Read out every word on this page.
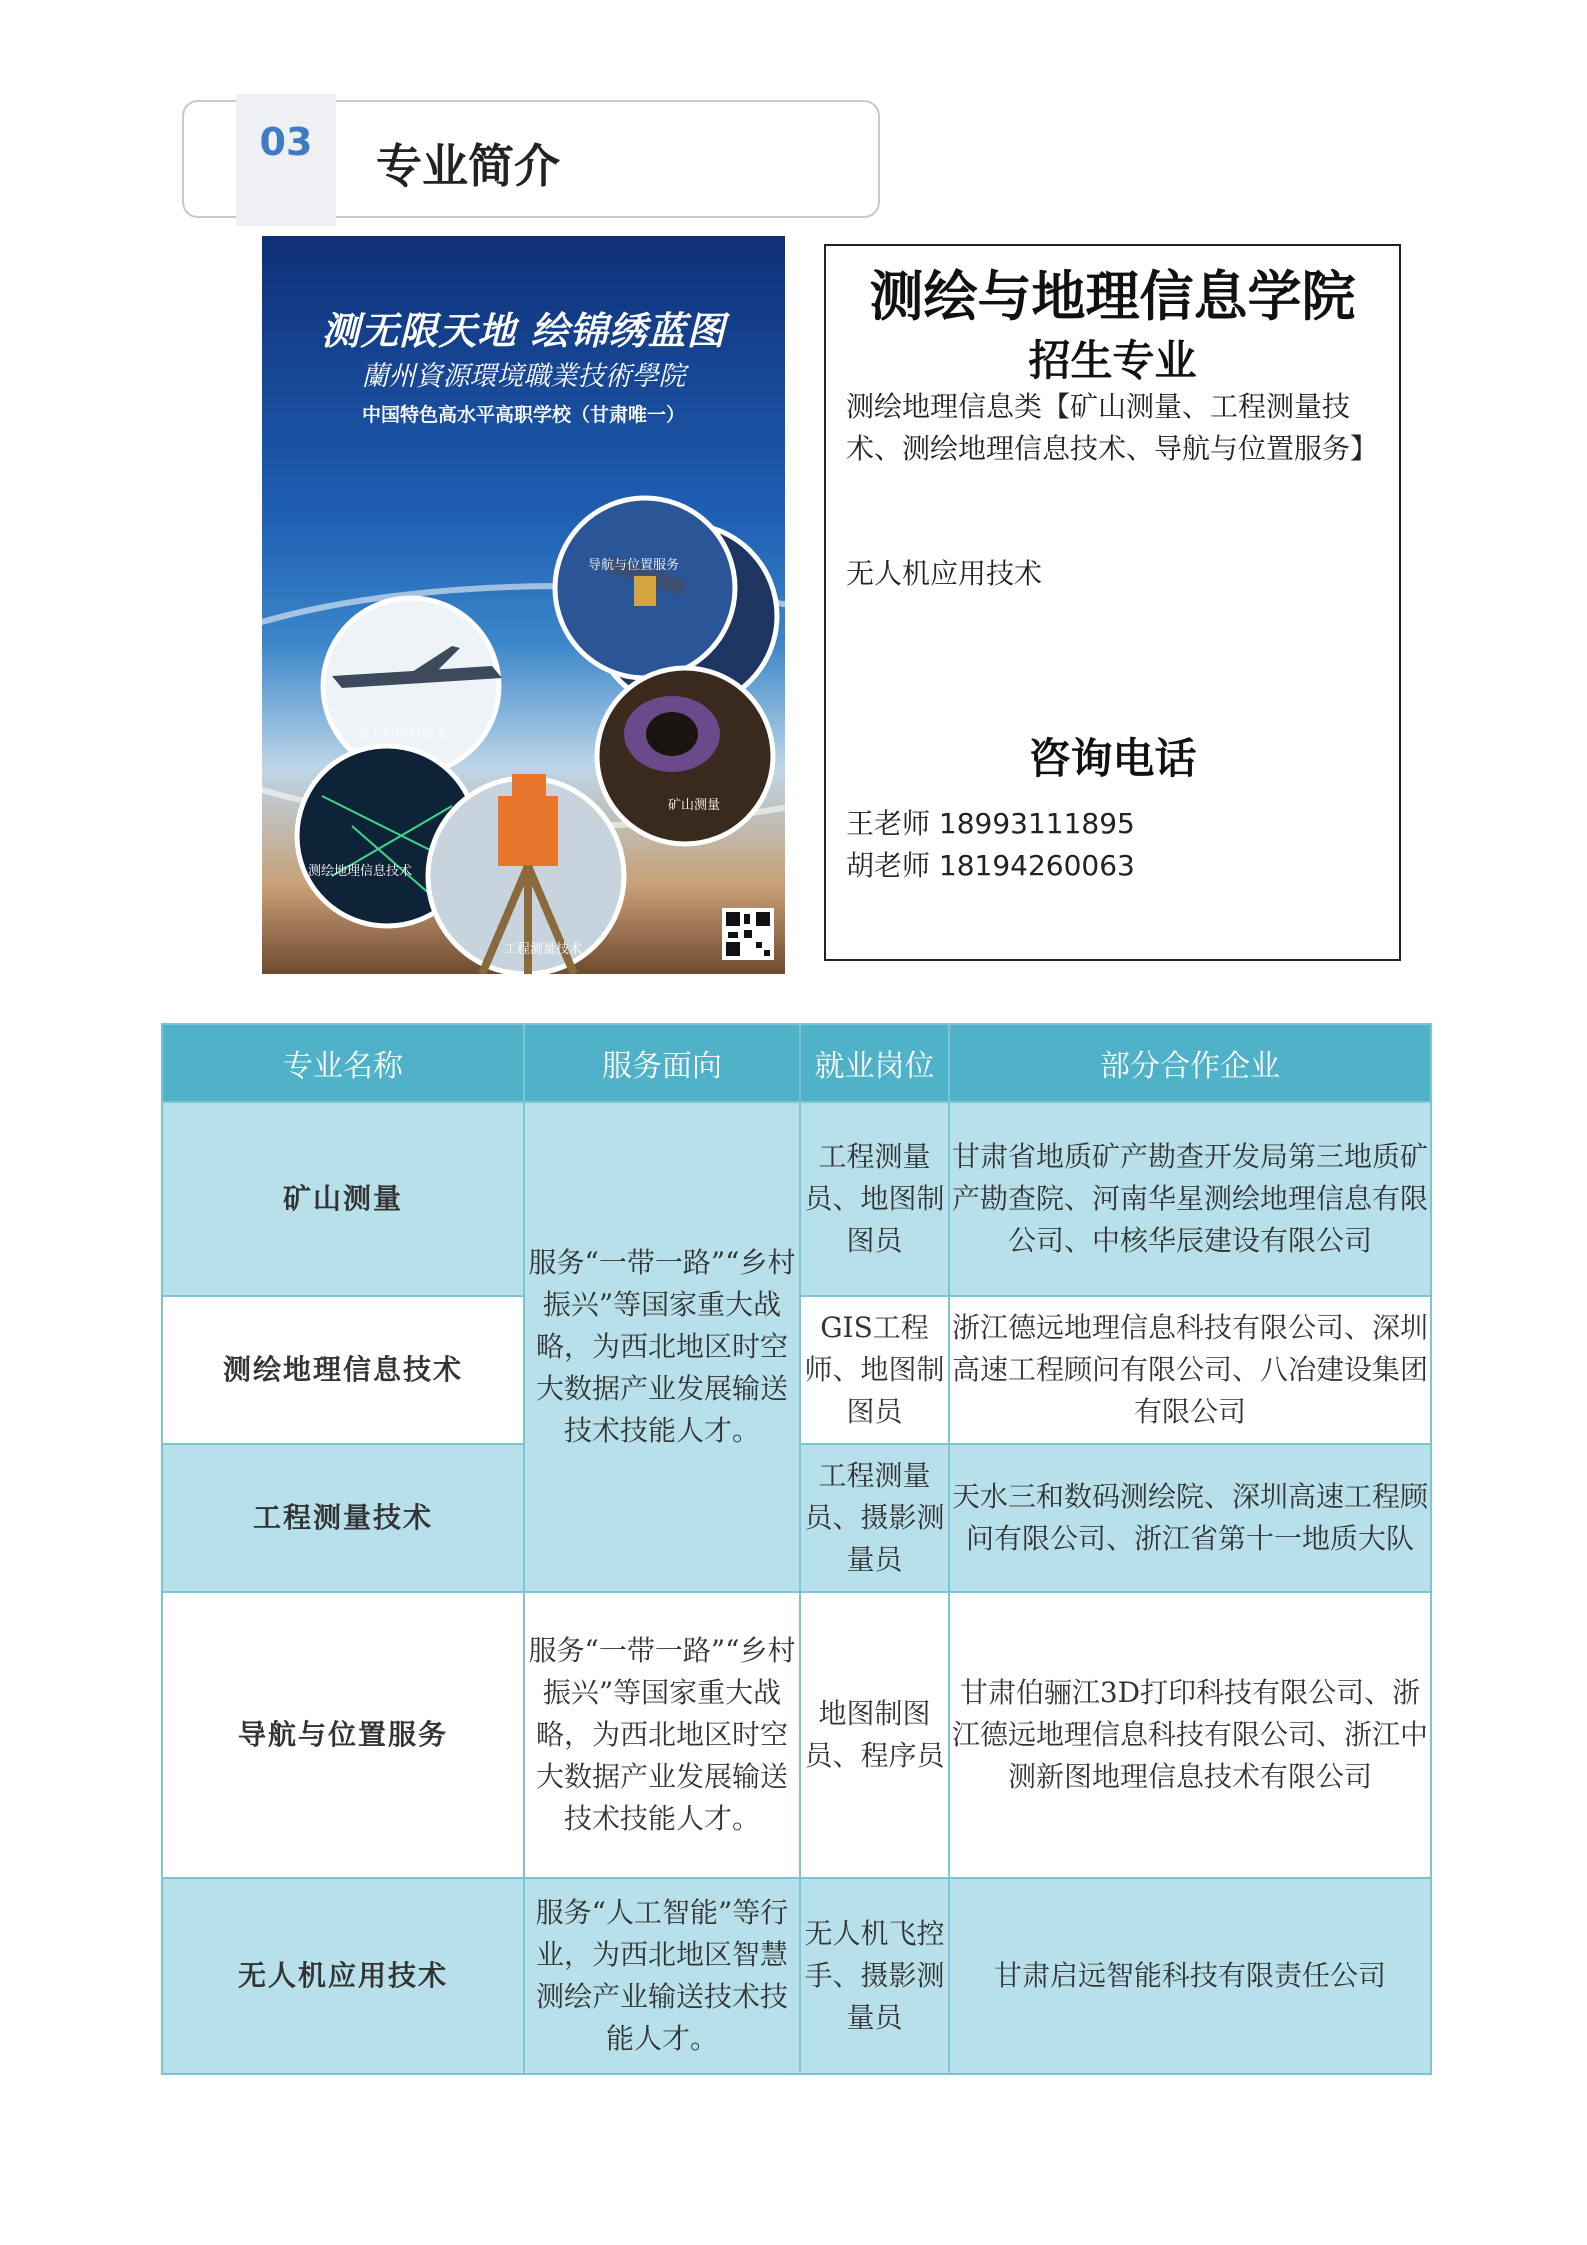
03	专业简介
测无限天地 绘锦绣蓝图
蘭州資源環境職業技術學院
中国特色高水平高职学校（甘肃唯一）
导航与位置服务
无人机应用技术
矿山测量
测绘地理信息技术
工程测量技术
测绘与地理信息学院
招生专业
测绘地理信息类【矿山测量、工程测量技术、测绘地理信息技术、导航与位置服务】
无人机应用技术
咨询电话
王老师 18993111895
胡老师 18194260063
专业名称	服务面向	就业岗位	部分合作企业
矿山测量	服务“一带一路”“乡村振兴”等国家重大战略，为西北地区时空大数据产业发展输送技术技能人才。	工程测量员、地图制图员	甘肃省地质矿产勘查开发局第三地质矿产勘查院、河南华星测绘地理信息有限公司、中核华辰建设有限公司
测绘地理信息技术		GIS工程师、地图制图员	浙江德远地理信息科技有限公司、深圳高速工程顾问有限公司、八冶建设集团有限公司
工程测量技术		工程测量员、摄影测量员	天水三和数码测绘院、深圳高速工程顾问有限公司、浙江省第十一地质大队
导航与位置服务	服务“一带一路”“乡村振兴”等国家重大战略，为西北地区时空大数据产业发展输送技术技能人才。	地图制图员、程序员	甘肃伯骊江3D打印科技有限公司、浙江德远地理信息科技有限公司、浙江中测新图地理信息技术有限公司
无人机应用技术	服务“人工智能”等行业，为西北地区智慧测绘产业输送技术技能人才。	无人机飞控手、摄影测量员	甘肃启远智能科技有限责任公司
